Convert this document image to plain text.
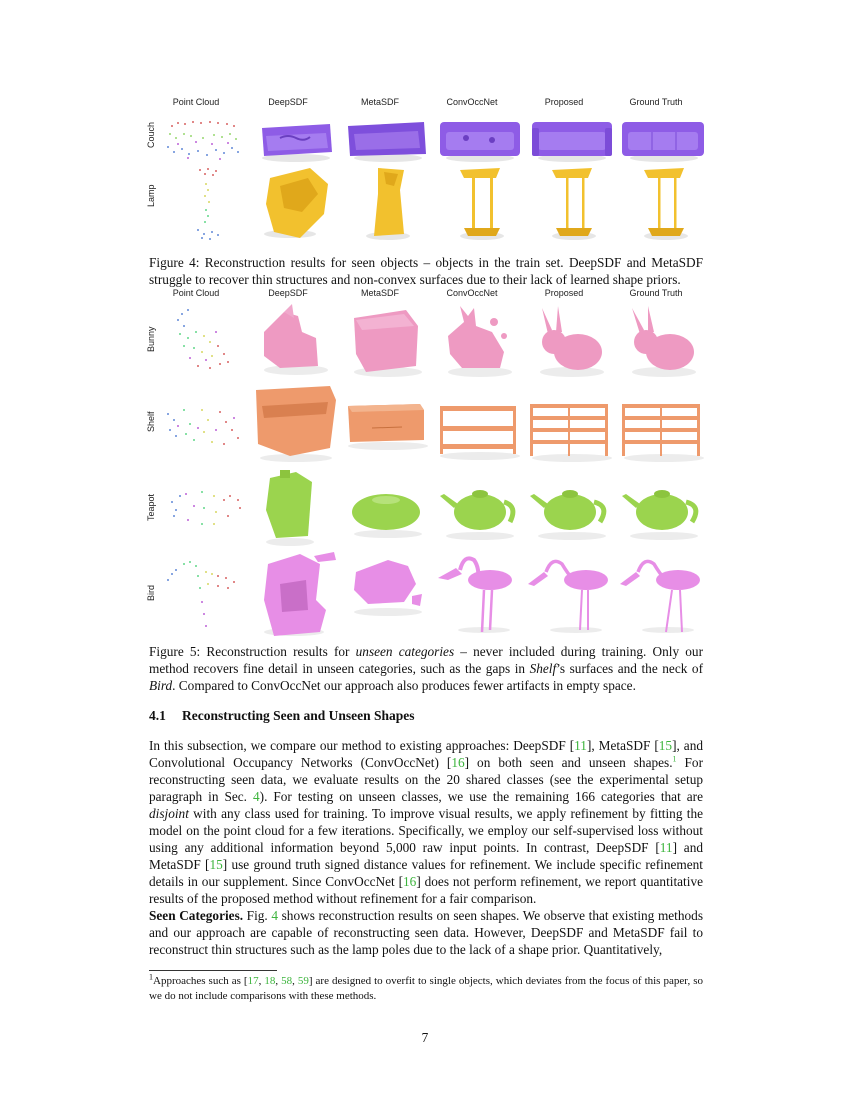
Point Cloud	DeepSDF	MetaSDF	ConvOccNet	Proposed	Ground Truth
Couch
Lamp
Figure 4: Reconstruction results for seen objects – objects in the train set. DeepSDF and MetaSDF struggle to recover thin structures and non-convex surfaces due to their lack of learned shape priors.
Point Cloud	DeepSDF	MetaSDF	ConvOccNet	Proposed	Ground Truth
Bunny
Shelf
Teapot
Bird
Figure 5: Reconstruction results for unseen categories – never included during training. Only our method recovers fine detail in unseen categories, such as the gaps in Shelf’s surfaces and the neck of Bird. Compared to ConvOccNet our approach also produces fewer artifacts in empty space.
4.1 Reconstructing Seen and Unseen Shapes
In this subsection, we compare our method to existing approaches: DeepSDF [11], MetaSDF [15], and Convolutional Occupancy Networks (ConvOccNet) [16] on both seen and unseen shapes.$^1$ For reconstructing seen data, we evaluate results on the 20 shared classes (see the experimental setup paragraph in Sec. 4). For testing on unseen classes, we use the remaining 166 categories that are disjoint with any class used for training. To improve visual results, we apply refinement by fitting the model on the point cloud for a few iterations. Specifically, we employ our self-supervised loss without using any additional information beyond 5,000 raw input points. In contrast, DeepSDF [11] and MetaSDF [15] use ground truth signed distance values for refinement. We include specific refinement details in our supplement. Since ConvOccNet [16] does not perform refinement, we report quantitative results of the proposed method without refinement for a fair comparison.
Seen Categories. Fig. 4 shows reconstruction results on seen shapes. We observe that existing methods and our approach are capable of reconstructing seen data. However, DeepSDF and MetaSDF fail to reconstruct thin structures such as the lamp poles due to the lack of a shape prior. Quantitatively,
$^1$Approaches such as [17, 18, 58, 59] are designed to overfit to single objects, which deviates from the focus of this paper, so we do not include comparisons with these methods.
7
